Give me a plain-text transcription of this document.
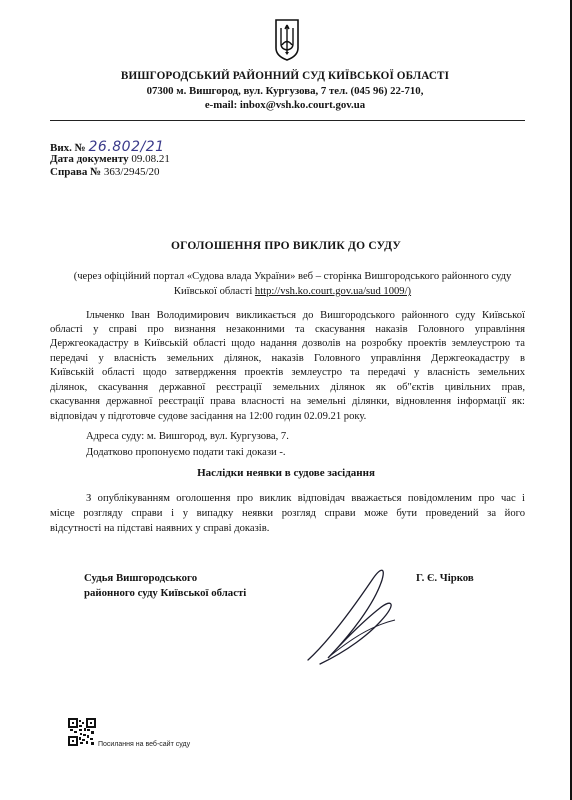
ВИШГОРОДСЬКИЙ РАЙОННИЙ СУД КИЇВСЬКОЇ ОБЛАСТІ
07300 м. Вишгород, вул. Кургузова, 7 тел. (045 96) 22-710,
e-mail: inbox@vsh.ko.court.gov.ua
Вих. № 26.802/21
Дата документу 09.08.21
Справа № 363/2945/20
ОГОЛОШЕННЯ ПРО ВИКЛИК ДО СУДУ
(через офіційний портал «Судова влада України» веб – сторінка Вишгородського районного суду
Київської області http://vsh.ko.court.gov.ua/sud 1009/)
Ільченко Іван Володимирович викликається до Вишгородського районного суду Київської
області у справі про визнання незаконними та скасування наказів Головного управління
Держгеокадастру в Київській області щодо надання дозволів на розробку проектів землеустрою та
передачі у власність земельних ділянок, наказів Головного управління Держгеокадастру в
Київській області щодо затвердження проектів землеустро та передачі у власність земельних
ділянок, скасування державної реєстрації земельних ділянок як об"єктів цивільних прав,
скасування державної реєстрації права власності на земельні ділянки, відновлення інформації як:
відповідач у підготовче судове засідання на 12:00 годин 02.09.21 року.
Адреса суду: м. Вишгород, вул. Кургузова, 7.
Додатково пропонуємо подати такі докази -.
Наслідки неявки в судове засідання
З опублікуванням оголошення про виклик відповідач вважається повідомленим про час і
місце розгляду справи і у випадку неявки розгляд справи може бути проведений за його
відсутності на підставі наявних у справі доказів.
Судья Вишгородського
районного суду Київської області
Г. Є. Чірков
Посилання на веб-сайт суду
